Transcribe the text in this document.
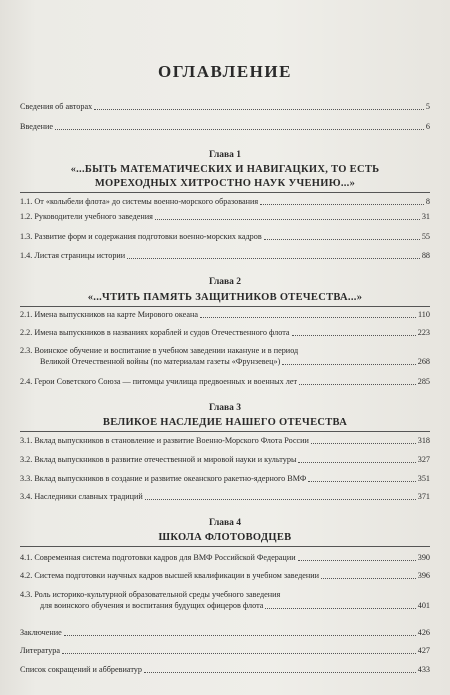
ОГЛАВЛЕНИЕ
Сведения об авторах	5
Введение	6
Глава 1
«...БЫТЬ МАТЕМАТИЧЕСКИХ И НАВИГАЦКИХ, ТО ЕСТЬ МОРЕХОДНЫХ ХИТРОСТНО НАУК УЧЕНИЮ...»
1.1. От «колыбели флота» до системы военно-морского образования	8
1.2. Руководители учебного заведения	31
1.3. Развитие форм и содержания подготовки военно-морских кадров	55
1.4. Листая страницы истории	88
Глава 2
«...ЧТИТЬ ПАМЯТЬ ЗАЩИТНИКОВ ОТЕЧЕСТВА...»
2.1. Имена выпускников на карте Мирового океана	110
2.2. Имена выпускников в названиях кораблей и судов Отечественного флота	223
2.3. Воинское обучение и воспитание в учебном заведении накануне и в период
Великой Отечественной войны (по материалам газеты «Фрунзевец»)	268
2.4. Герои Советского Союза — питомцы училища предвоенных и военных лет	285
Глава 3
ВЕЛИКОЕ НАСЛЕДИЕ НАШЕГО ОТЕЧЕСТВА
3.1. Вклад выпускников в становление и развитие Военно-Морского Флота России	318
3.2. Вклад выпускников в развитие отечественной и мировой науки и культуры	327
3.3. Вклад выпускников в создание и развитие океанского ракетно-ядерного ВМФ	351
3.4. Наследники славных традиций	371
Глава 4
ШКОЛА ФЛОТОВОДЦЕВ
4.1. Современная система подготовки кадров для ВМФ Российской Федерации	390
4.2. Система подготовки научных кадров высшей квалификации в учебном заведении	396
4.3. Роль историко-культурной образовательной среды учебного заведения
для воинского обучения и воспитания будущих офицеров флота	401
Заключение	426
Литература	427
Список сокращений и аббревиатур	433
